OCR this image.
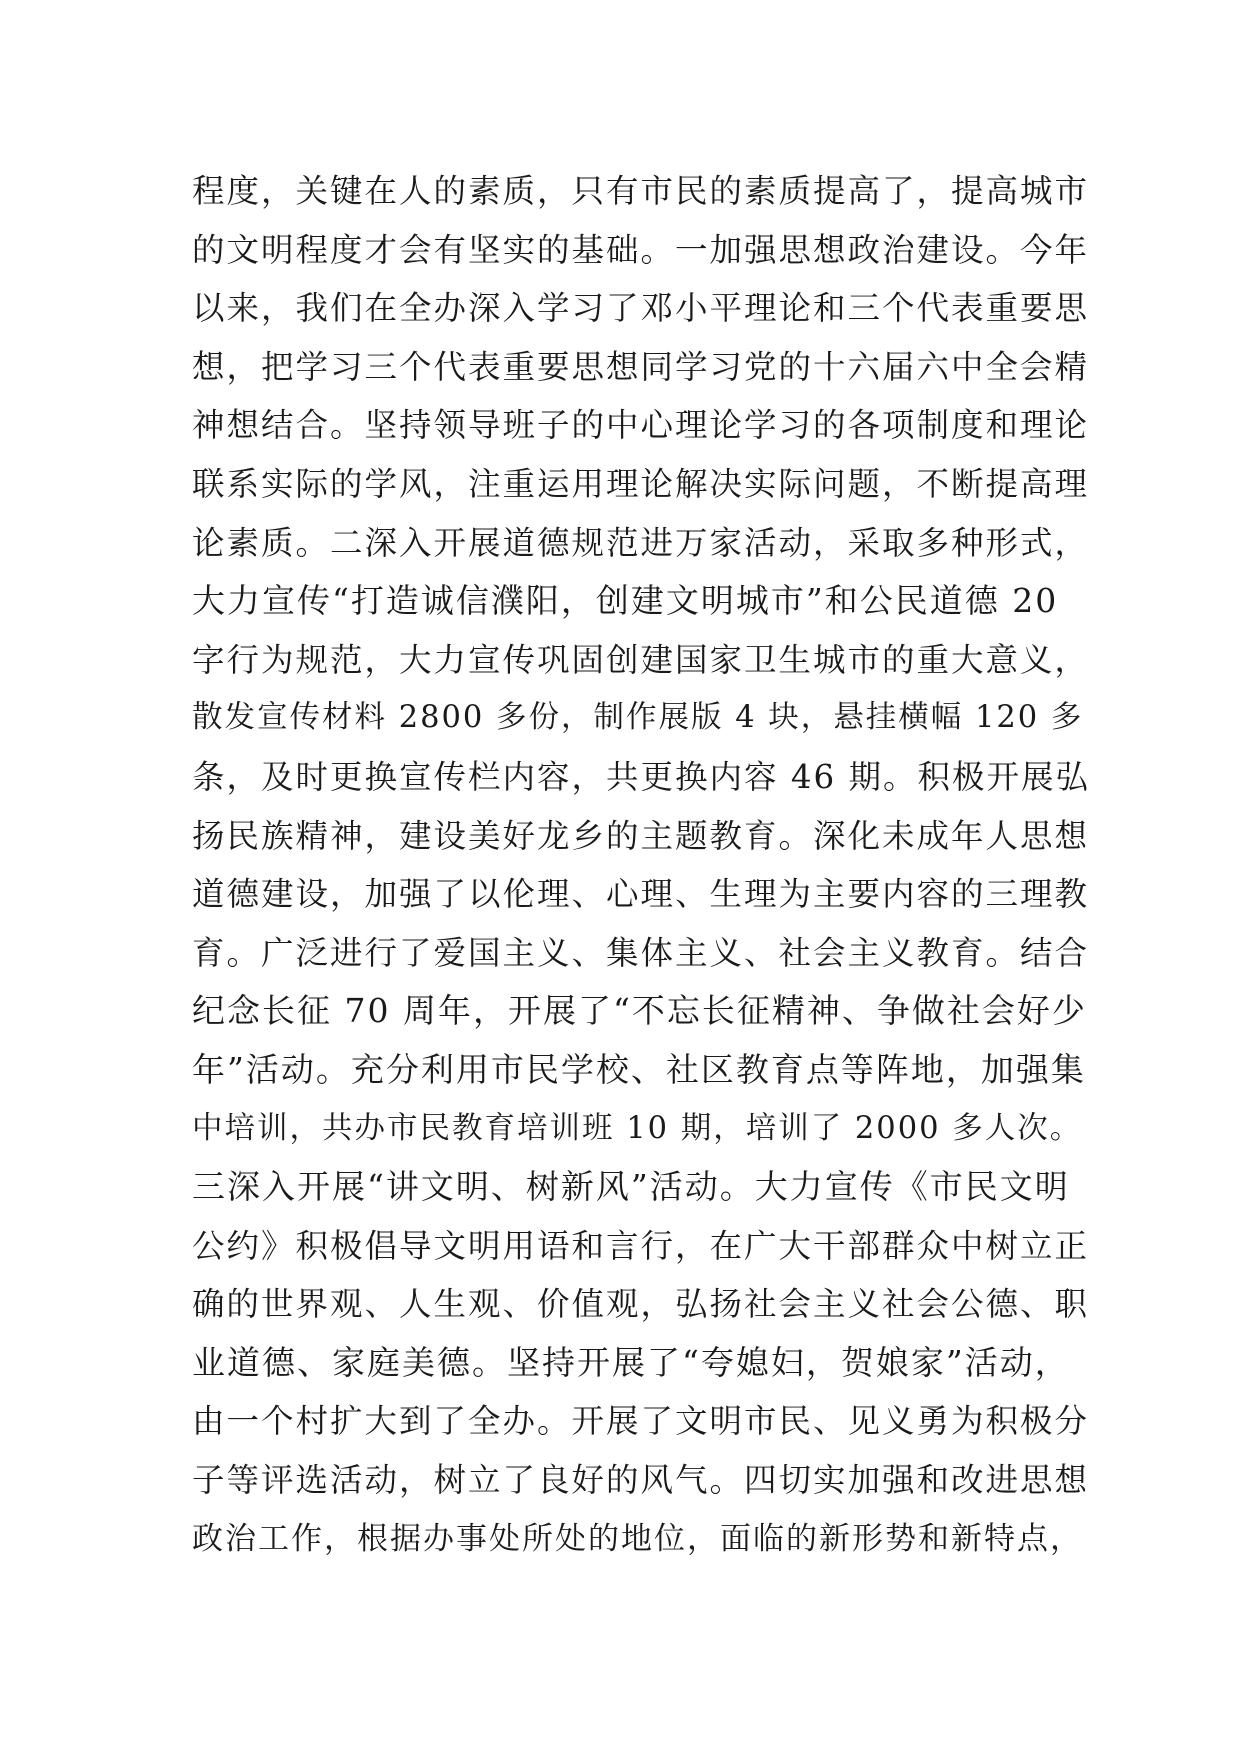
程度，关键在人的素质，只有市民的素质提高了，提高城市
的文明程度才会有坚实的基础。一加强思想政治建设。今年
以来，我们在全办深入学习了邓小平理论和三个代表重要思
想，把学习三个代表重要思想同学习党的十六届六中全会精
神想结合。坚持领导班子的中心理论学习的各项制度和理论
联系实际的学风，注重运用理论解决实际问题，不断提高理
论素质。二深入开展道德规范进万家活动，采取多种形式，
大力宣传“打造诚信濮阳，创建文明城市”和公民道德 20
字行为规范，大力宣传巩固创建国家卫生城市的重大意义，
散发宣传材料 2800 多份，制作展版 4 块，悬挂横幅 120 多
条，及时更换宣传栏内容，共更换内容 46 期。积极开展弘
扬民族精神，建设美好龙乡的主题教育。深化未成年人思想
道德建设，加强了以伦理、心理、生理为主要内容的三理教
育。广泛进行了爱国主义、集体主义、社会主义教育。结合
纪念长征 70 周年，开展了“不忘长征精神、争做社会好少
年”活动。充分利用市民学校、社区教育点等阵地，加强集
中培训，共办市民教育培训班 10 期，培训了 2000 多人次。
三深入开展“讲文明、树新风”活动。大力宣传《市民文明
公约》积极倡导文明用语和言行，在广大干部群众中树立正
确的世界观、人生观、价值观，弘扬社会主义社会公德、职
业道德、家庭美德。坚持开展了“夸媳妇，贺娘家”活动，
由一个村扩大到了全办。开展了文明市民、见义勇为积极分
子等评选活动，树立了良好的风气。四切实加强和改进思想
政治工作，根据办事处所处的地位，面临的新形势和新特点，
